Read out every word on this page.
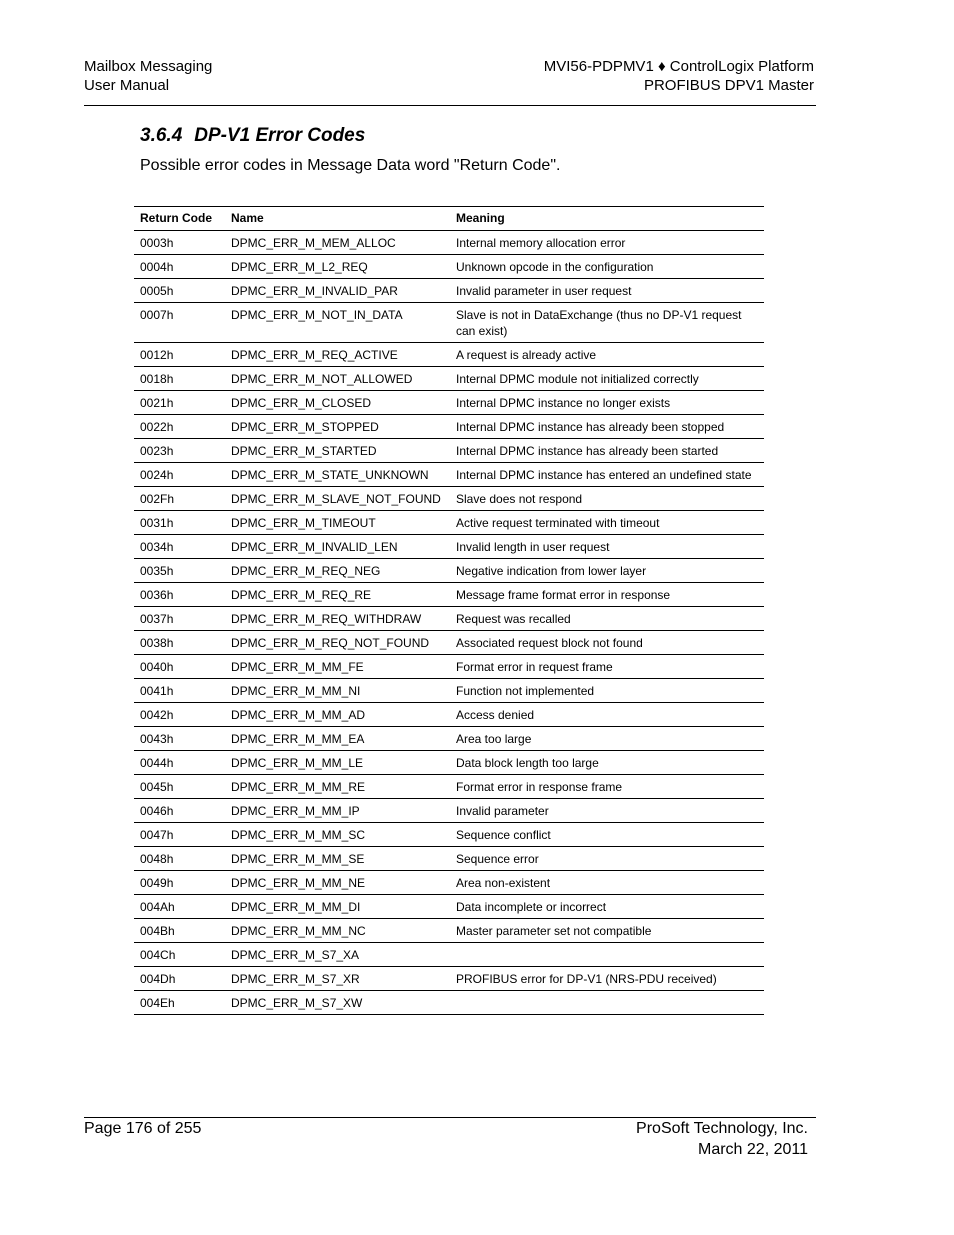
Mailbox Messaging
User Manual
MVI56-PDPMV1 ♦ ControlLogix Platform
PROFIBUS DPV1 Master
3.6.4 DP-V1 Error Codes

Possible error codes in Message Data word "Return Code".

Return Code	Name	Meaning
0003h	DPMC_ERR_M_MEM_ALLOC	Internal memory allocation error
0004h	DPMC_ERR_M_L2_REQ	Unknown opcode in the configuration
0005h	DPMC_ERR_M_INVALID_PAR	Invalid parameter in user request
0007h	DPMC_ERR_M_NOT_IN_DATA	Slave is not in DataExchange (thus no DP-V1 request can exist)
0012h	DPMC_ERR_M_REQ_ACTIVE	A request is already active
0018h	DPMC_ERR_M_NOT_ALLOWED	Internal DPMC module not initialized correctly
0021h	DPMC_ERR_M_CLOSED	Internal DPMC instance no longer exists
0022h	DPMC_ERR_M_STOPPED	Internal DPMC instance has already been stopped
0023h	DPMC_ERR_M_STARTED	Internal DPMC instance has already been started
0024h	DPMC_ERR_M_STATE_UNKNOWN	Internal DPMC instance has entered an undefined state
002Fh	DPMC_ERR_M_SLAVE_NOT_FOUND	Slave does not respond
0031h	DPMC_ERR_M_TIMEOUT	Active request terminated with timeout
0034h	DPMC_ERR_M_INVALID_LEN	Invalid length in user request
0035h	DPMC_ERR_M_REQ_NEG	Negative indication from lower layer
0036h	DPMC_ERR_M_REQ_RE	Message frame format error in response
0037h	DPMC_ERR_M_REQ_WITHDRAW	Request was recalled
0038h	DPMC_ERR_M_REQ_NOT_FOUND	Associated request block not found
0040h	DPMC_ERR_M_MM_FE	Format error in request frame
0041h	DPMC_ERR_M_MM_NI	Function not implemented
0042h	DPMC_ERR_M_MM_AD	Access denied
0043h	DPMC_ERR_M_MM_EA	Area too large
0044h	DPMC_ERR_M_MM_LE	Data block length too large
0045h	DPMC_ERR_M_MM_RE	Format error in response frame
0046h	DPMC_ERR_M_MM_IP	Invalid parameter
0047h	DPMC_ERR_M_MM_SC	Sequence conflict
0048h	DPMC_ERR_M_MM_SE	Sequence error
0049h	DPMC_ERR_M_MM_NE	Area non-existent
004Ah	DPMC_ERR_M_MM_DI	Data incomplete or incorrect
004Bh	DPMC_ERR_M_MM_NC	Master parameter set not compatible
004Ch	DPMC_ERR_M_S7_XA	
004Dh	DPMC_ERR_M_S7_XR	PROFIBUS error for DP-V1 (NRS-PDU received)
004Eh	DPMC_ERR_M_S7_XW	
Page 176 of 255	ProSoft Technology, Inc.
March 22, 2011
